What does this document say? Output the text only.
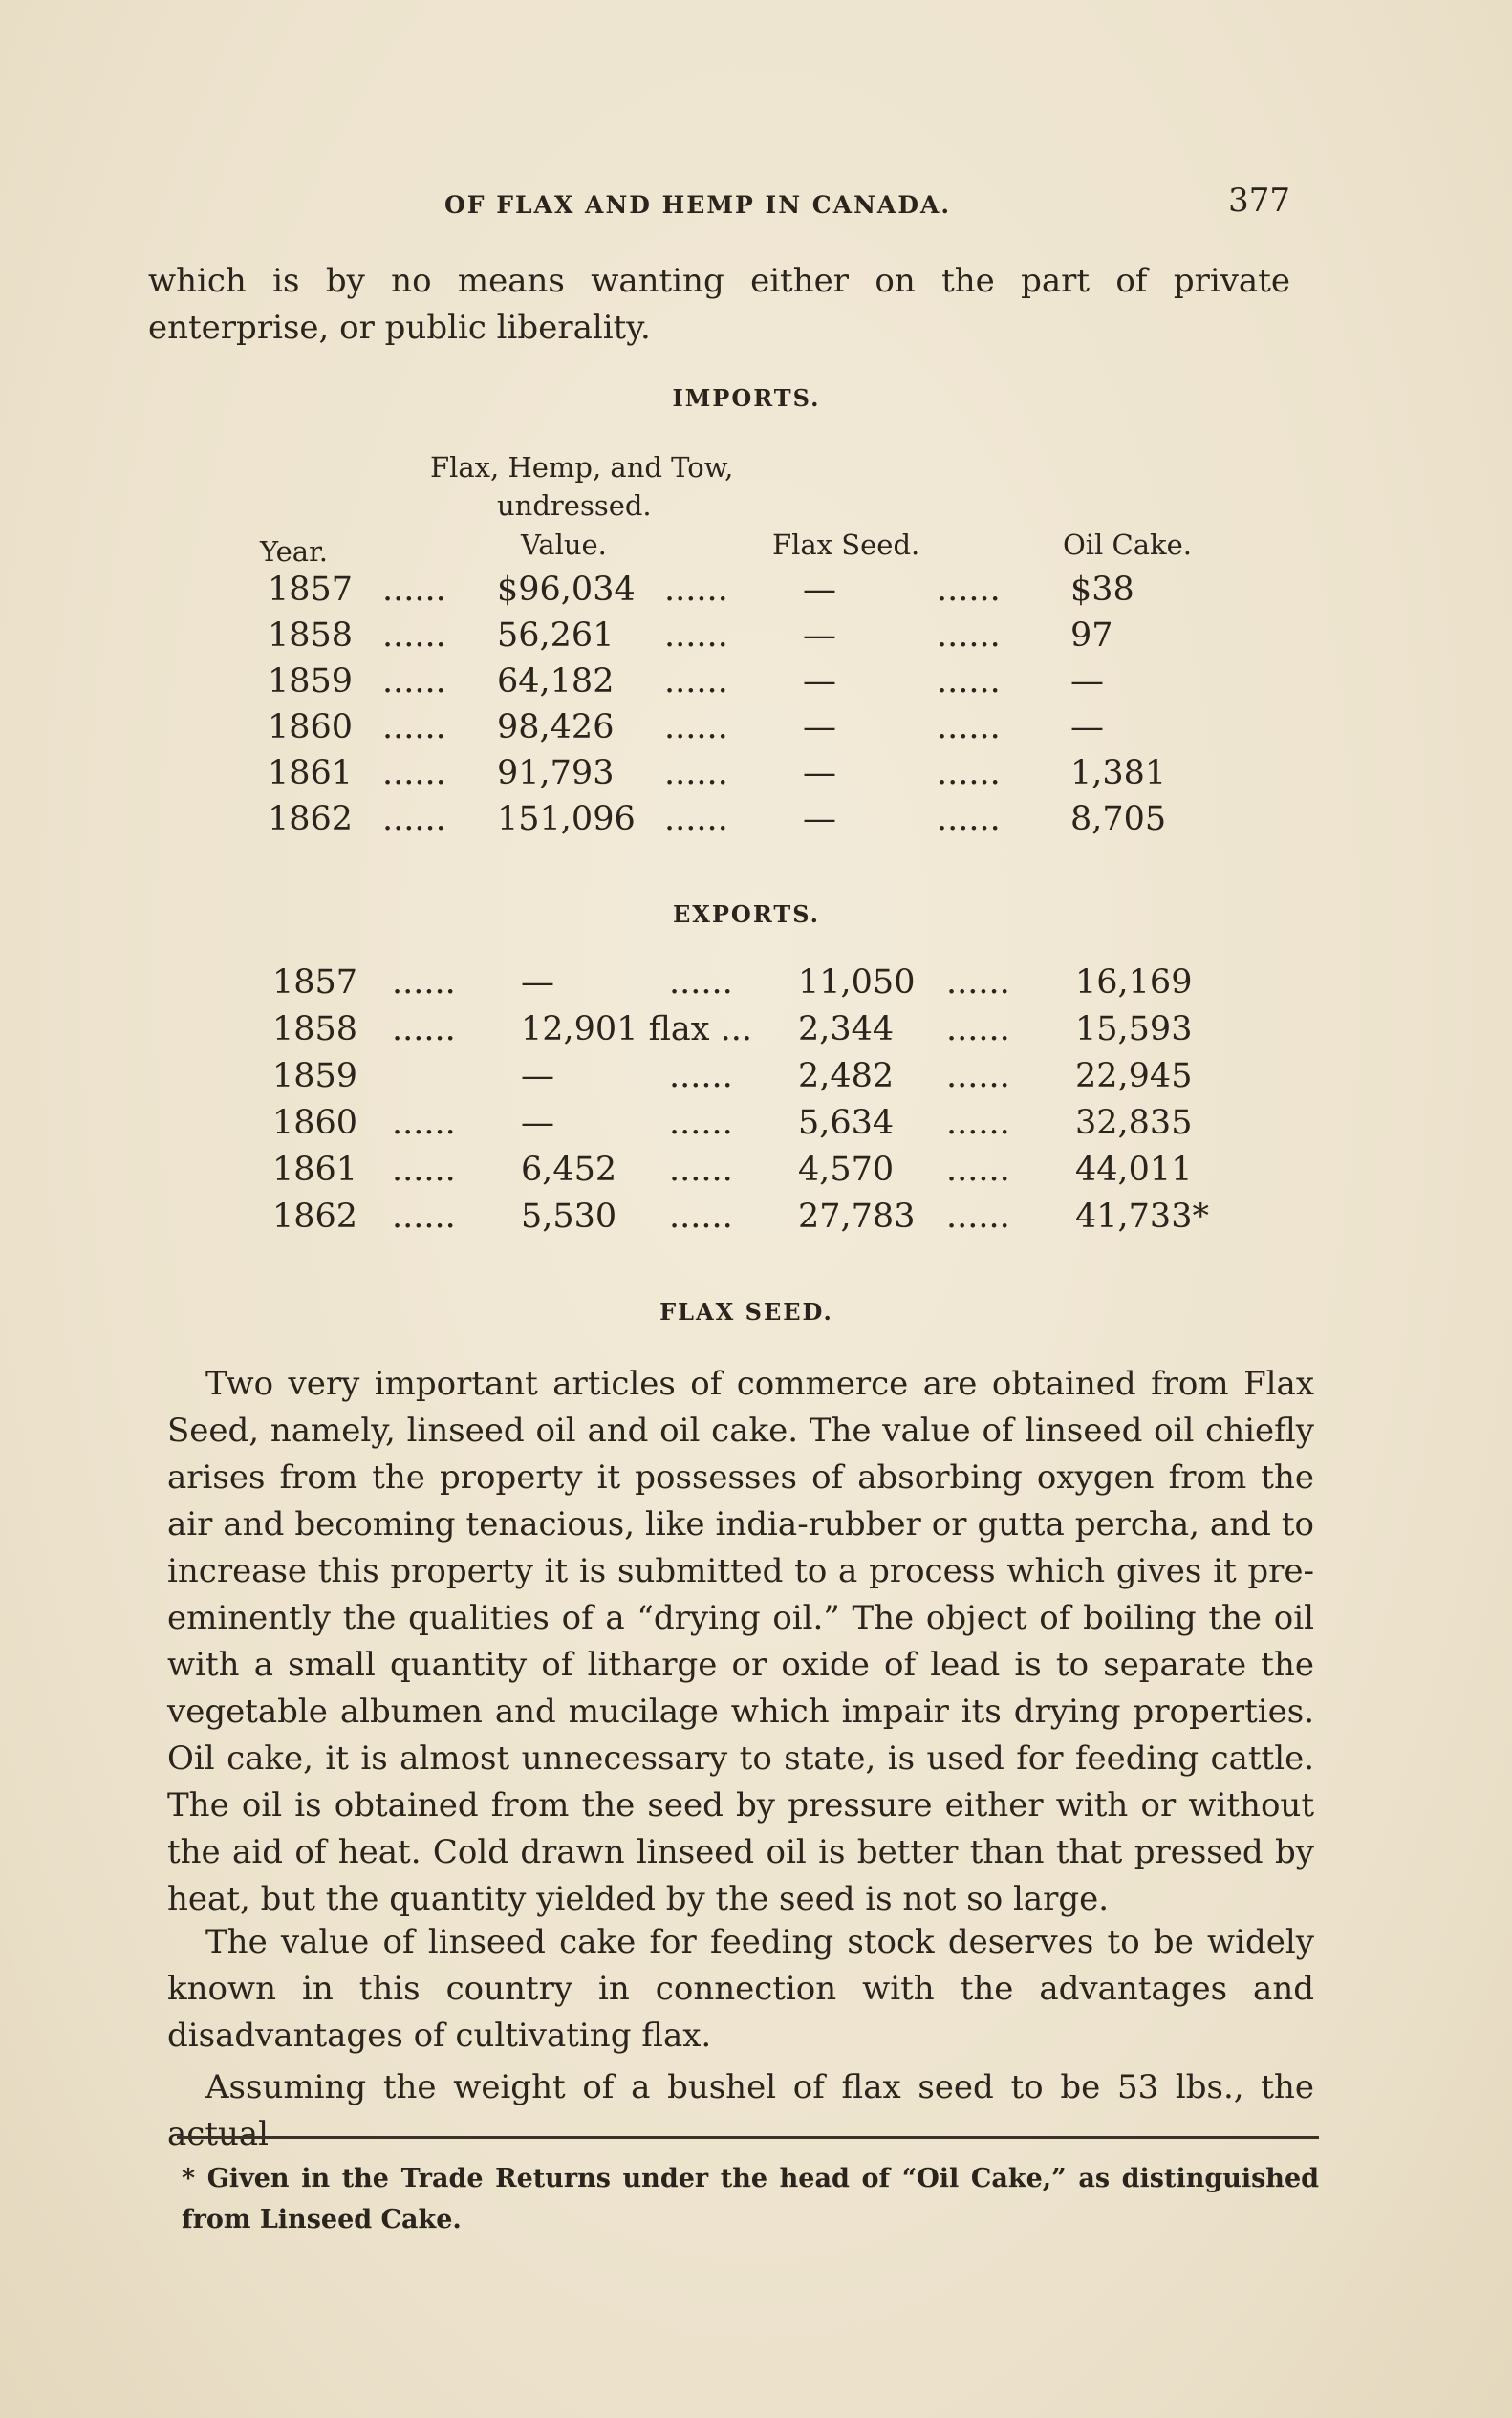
OF FLAX AND HEMP IN CANADA.	377
which is by no means wanting either on the part of private enterprise, or public liberality.
IMPORTS.
Flax, Hemp, and Tow,
undressed.
Year.	Value.	Flax Seed.	Oil Cake.
1857 ...... $96,034 ...... —	...... $38
1858 ...... 56,261 ...... —	...... 97
1859 ...... 64,182 ...... —	...... —
1860 ...... 98,426 ...... —	...... —
1861 ...... 91,793 ...... —	...... 1,381
1862 ...... 151,096 ...... —	...... 8,705
EXPORTS.
1857 ...... —	...... 11,050 ...... 16,169
1858 ...... 12,901 flax ... 2,344 ...... 15,593
1859	—	...... 2,482 ...... 22,945
1860 ...... —	...... 5,634 ...... 32,835
1861 ...... 6,452 ...... 4,570 ...... 44,011
1862 ...... 5,530 ...... 27,783 ...... 41,733*
FLAX SEED.
Two very important articles of commerce are obtained from Flax Seed, namely, linseed oil and oil cake. The value of linseed oil chiefly arises from the property it possesses of absorbing oxygen from the air and becoming tenacious, like india-rubber or gutta percha, and to increase this property it is submitted to a process which gives it pre-eminently the qualities of a “drying oil.” The object of boiling the oil with a small quantity of litharge or oxide of lead is to separate the vegetable albumen and mucilage which impair its drying properties. Oil cake, it is almost unnecessary to state, is used for feeding cattle. The oil is obtained from the seed by pressure either with or without the aid of heat. Cold drawn linseed oil is better than that pressed by heat, but the quantity yielded by the seed is not so large.
The value of linseed cake for feeding stock deserves to be widely known in this country in connection with the advantages and disadvantages of cultivating flax.
Assuming the weight of a bushel of flax seed to be 53 lbs., the actual
* Given in the Trade Returns under the head of “Oil Cake,” as distinguished from Linseed Cake.
